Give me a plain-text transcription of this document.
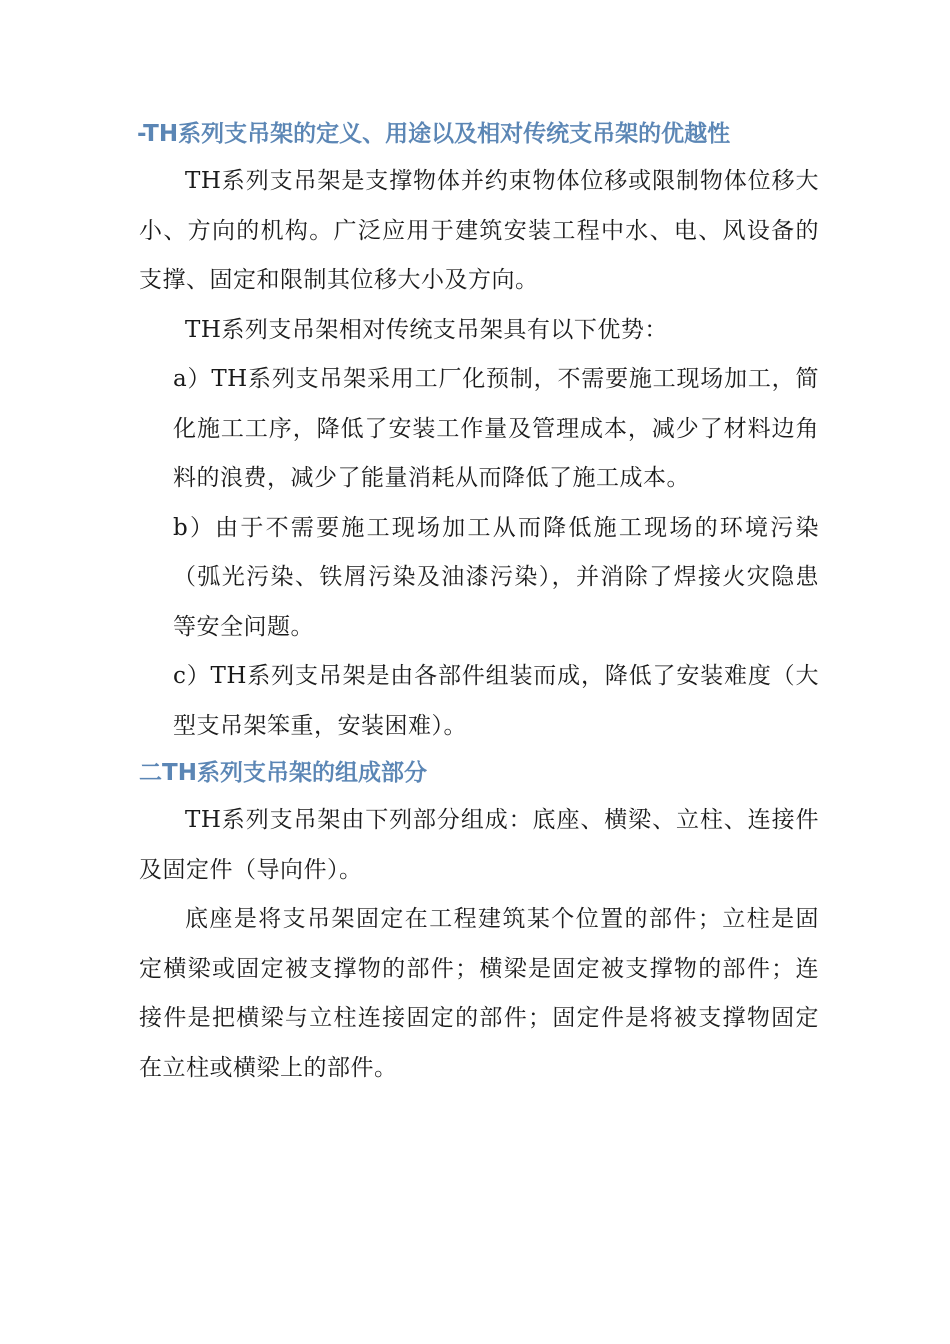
-TH系列支吊架的定义、用途以及相对传统支吊架的优越性

TH系列支吊架是支撑物体并约束物体位移或限制物体位移大小、方向的机构。广泛应用于建筑安装工程中水、电、风设备的支撑、固定和限制其位移大小及方向。

TH系列支吊架相对传统支吊架具有以下优势：

a）TH系列支吊架采用工厂化预制，不需要施工现场加工，简化施工工序，降低了安装工作量及管理成本，减少了材料边角料的浪费，减少了能量消耗从而降低了施工成本。

b）由于不需要施工现场加工从而降低施工现场的环境污染（弧光污染、铁屑污染及油漆污染），并消除了焊接火灾隐患等安全问题。

c）TH系列支吊架是由各部件组装而成，降低了安装难度（大型支吊架笨重，安装困难）。

二TH系列支吊架的组成部分

TH系列支吊架由下列部分组成：底座、横梁、立柱、连接件及固定件（导向件）。

底座是将支吊架固定在工程建筑某个位置的部件；立柱是固定横梁或固定被支撑物的部件；横梁是固定被支撑物的部件；连接件是把横梁与立柱连接固定的部件；固定件是将被支撑物固定在立柱或横梁上的部件。
